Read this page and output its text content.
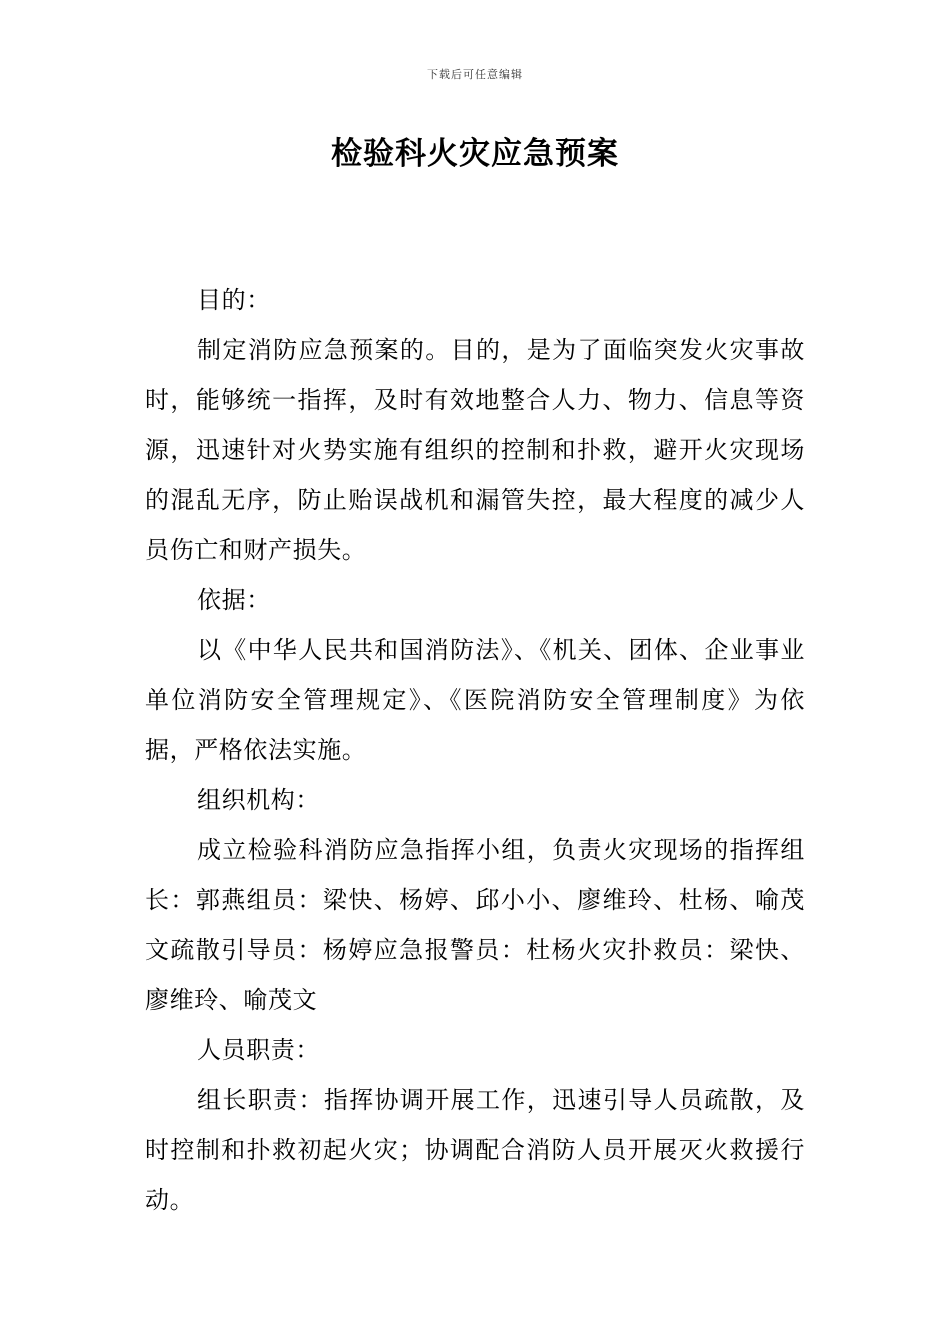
下载后可任意编辑
检验科火灾应急预案

目的：

制定消防应急预案的。目的，是为了面临突发火灾事故时，能够统一指挥，及时有效地整合人力、物力、信息等资源，迅速针对火势实施有组织的控制和扑救，避开火灾现场的混乱无序，防止贻误战机和漏管失控，最大程度的减少人员伤亡和财产损失。

依据：

以《中华人民共和国消防法》、《机关、团体、企业事业单位消防安全管理规定》、《医院消防安全管理制度》为依据，严格依法实施。

组织机构：

成立检验科消防应急指挥小组，负责火灾现场的指挥组长：郭燕组员：梁快、杨婷、邱小小、廖维玲、杜杨、喻茂文疏散引导员：杨婷应急报警员：杜杨火灾扑救员：梁快、廖维玲、喻茂文

人员职责：

组长职责：指挥协调开展工作，迅速引导人员疏散，及时控制和扑救初起火灾；协调配合消防人员开展灭火救援行动。
